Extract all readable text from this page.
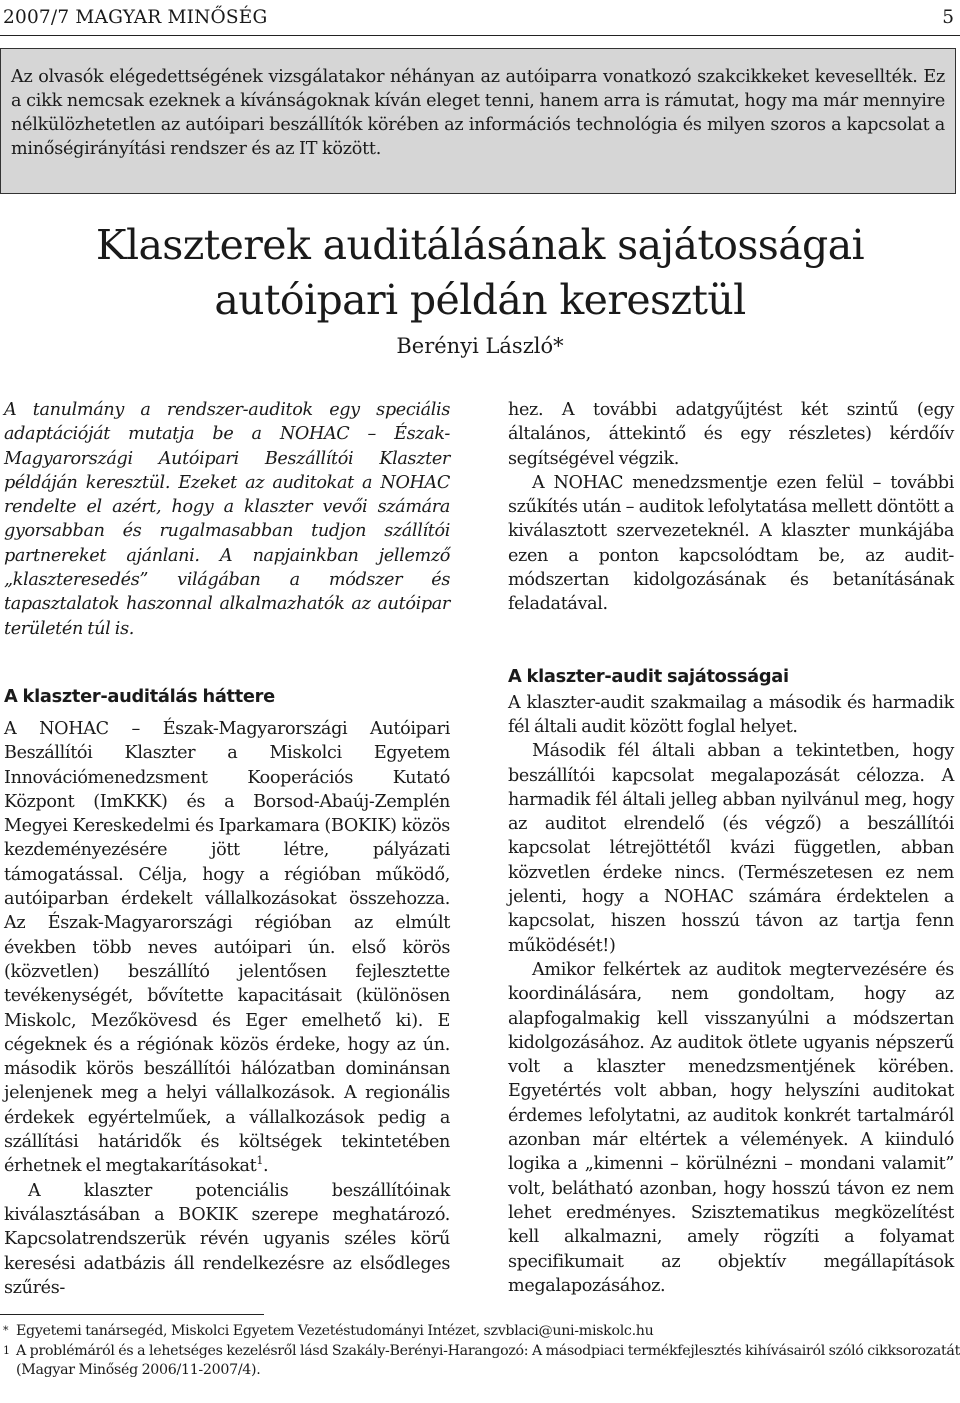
2007/7 MAGYAR MINŐSÉG	5

Az olvasók elégedettségének vizsgálatakor néhányan az autóiparra vonatkozó szakcikkeket kevesellték. Ez a cikk nemcsak ezeknek a kívánságoknak kíván eleget tenni, hanem arra is rámutat, hogy ma már mennyire nélkülözhetetlen az autóipari beszállítók körében az információs technológia és milyen szoros a kapcsolat a minőségirányítási rendszer és az IT között.

Klaszterek auditálásának sajátosságai
autóipari példán keresztül

Berényi László*

A tanulmány a rendszer-auditok egy speciális adaptációját mutatja be a NOHAC – Észak-Magyarországi Autóipari Beszállítói Klaszter példáján keresztül. Ezeket az auditokat a NOHAC rendelte el azért, hogy a klaszter vevői számára gyorsabban és rugalmasabban tudjon szállítói partnereket ajánlani. A napjainkban jellemző „klaszteresedés” világában a módszer és tapasztalatok haszonnal alkalmazhatók az autóipar területén túl is.

A klaszter-auditálás háttere

A NOHAC – Észak-Magyarországi Autóipari Beszállítói Klaszter a Miskolci Egyetem Innovációmenedzsment Kooperációs Kutató Központ (ImKKK) és a Borsod-Abaúj-Zemplén Megyei Kereskedelmi és Iparkamara (BOKIK) közös kezdeményezésére jött létre, pályázati támogatással. Célja, hogy a régióban működő, autóiparban érdekelt vállalkozásokat összehozza. Az Észak-Magyarországi régióban az elmúlt években több neves autóipari ún. első körös (közvetlen) beszállító jelentősen fejlesztette tevékenységét, bővítette kapacitásait (különösen Miskolc, Mezőkövesd és Eger emelhető ki). E cégeknek és a régiónak közös érdeke, hogy az ún. második körös beszállítói hálózatban dominánsan jelenjenek meg a helyi vállalkozások. A regionális érdekek egyértelműek, a vállalkozások pedig a szállítási határidők és költségek tekintetében érhetnek el megtakarításokat$^1$.

A klaszter potenciális beszállítóinak kiválasztásában a BOKIK szerepe meghatározó. Kapcsolatrendszerük révén ugyanis széles körű keresési adatbázis áll rendelkezésre az elsődleges szűrés-

hez. A további adatgyűjtést két szintű (egy általános, áttekintő és egy részletes) kérdőív segítségével végzik.

A NOHAC menedzsmentje ezen felül – további szűkítés után – auditok lefolytatása mellett döntött a kiválasztott szervezeteknél. A klaszter munkájába ezen a ponton kapcsolódtam be, az audit-módszertan kidolgozásának és betanításának feladatával.

A klaszter-audit sajátosságai

A klaszter-audit szakmailag a második és harmadik fél általi audit között foglal helyet.

Második fél általi abban a tekintetben, hogy beszállítói kapcsolat megalapozását célozza. A harmadik fél általi jelleg abban nyilvánul meg, hogy az auditot elrendelő (és végző) a beszállítói kapcsolat létrejöttétől kvázi független, abban közvetlen érdeke nincs. (Természetesen ez nem jelenti, hogy a NOHAC számára érdektelen a kapcsolat, hiszen hosszú távon az tartja fenn működését!)

Amikor felkértek az auditok megtervezésére és koordinálására, nem gondoltam, hogy az alapfogalmakig kell visszanyúlni a módszertan kidolgozásához. Az auditok ötlete ugyanis népszerű volt a klaszter menedzsmentjének körében. Egyetértés volt abban, hogy helyszíni auditokat érdemes lefolytatni, az auditok konkrét tartalmáról azonban már eltértek a vélemények. A kiinduló logika a „kimenni – körülnézni – mondani valamit” volt, belátható azonban, hogy hosszú távon ez nem lehet eredményes. Szisztematikus megközelítést kell alkalmazni, amely rögzíti a folyamat specifikumait az objektív megállapítások megalapozásához.

* Egyetemi tanársegéd, Miskolci Egyetem Vezetéstudományi Intézet, szvblaci@uni-miskolc.hu

1 A problémáról és a lehetséges kezelésről lásd Szakály-Berényi-Harangozó: A másodpiaci termékfejlesztés kihívásairól szóló cikksorozatát (Magyar Minőség 2006/11-2007/4).
